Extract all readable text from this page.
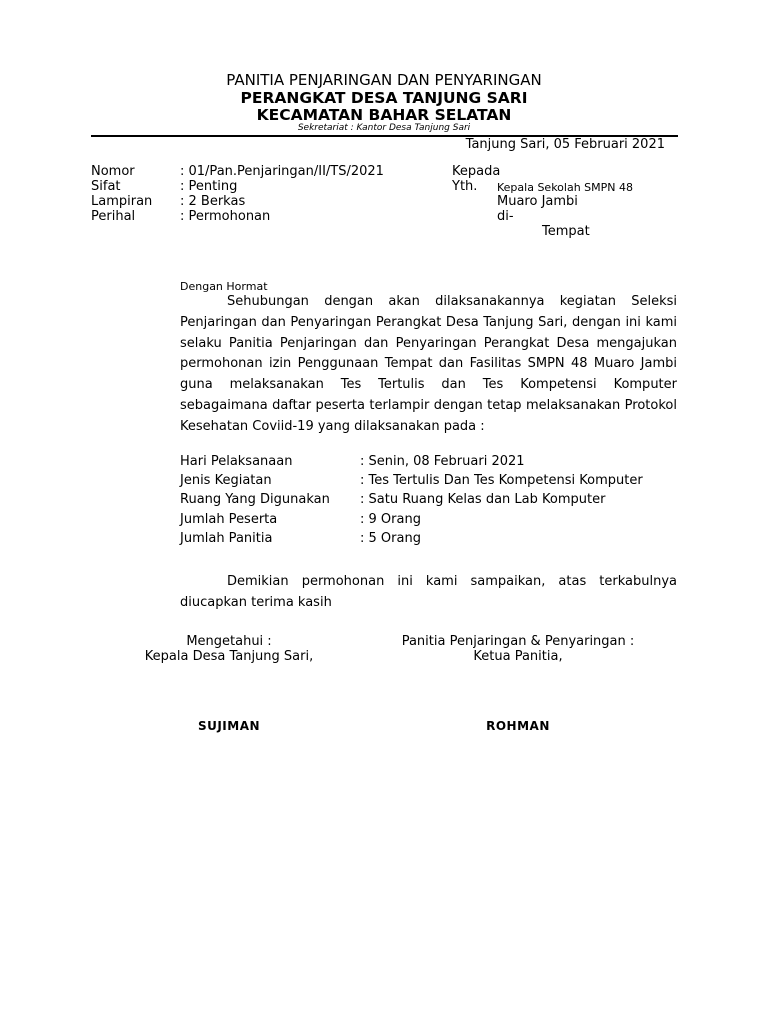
PANITIA PENJARINGAN DAN PENYARINGAN
PERANGKAT DESA TANJUNG SARI
KECAMATAN BAHAR SELATAN
Sekretariat : Kantor Desa Tanjung Sari
Tanjung Sari, 05 Februari 2021
Nomor	: 01/Pan.Penjaringan/II/TS/2021
Sifat	: Penting
Lampiran : 2 Berkas
Perihal	: Permohonan
Kepada
Yth. Kepala Sekolah SMPN 48
Muaro Jambi
di-
Tempat
Dengan Hormat
Sehubungan dengan akan dilaksanakannya kegiatan Seleksi Penjaringan dan Penyaringan Perangkat Desa Tanjung Sari, dengan ini kami selaku Panitia Penjaringan dan Penyaringan Perangkat Desa mengajukan permohonan izin Penggunaan Tempat dan Fasilitas SMPN 48 Muaro Jambi guna melaksanakan Tes Tertulis dan Tes Kompetensi Komputer sebagaimana daftar peserta terlampir dengan tetap melaksanakan Protokol Kesehatan Coviid-19 yang dilaksanakan pada :
Hari Pelaksanaan	: Senin, 08 Februari 2021
Jenis Kegiatan	: Tes Tertulis Dan Tes Kompetensi Komputer
Ruang Yang Digunakan : Satu Ruang Kelas dan Lab Komputer
Jumlah Peserta	: 9 Orang
Jumlah Panitia	: 5 Orang
Demikian permohonan ini kami sampaikan, atas terkabulnya diucapkan terima kasih
Mengetahui :
Kepala Desa Tanjung Sari,
SUJIMAN
Panitia Penjaringan & Penyaringan :
Ketua Panitia,
ROHMAN
